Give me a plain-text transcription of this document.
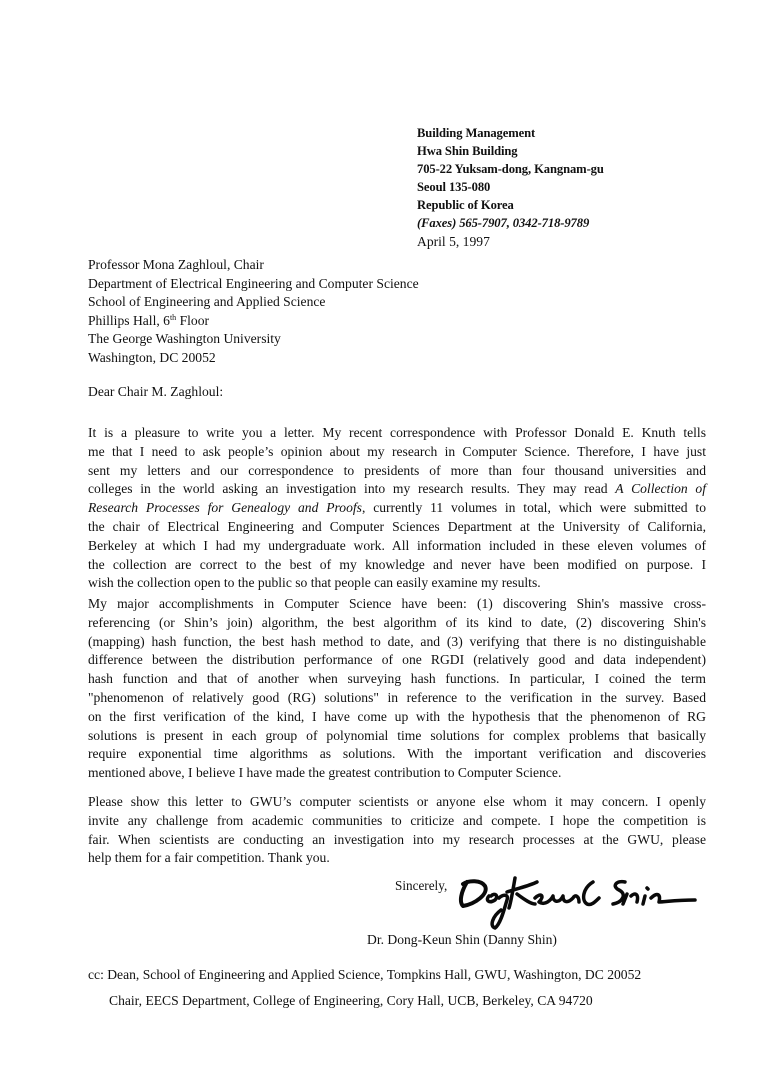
Building Management
Hwa Shin Building
705-22 Yuksam-dong, Kangnam-gu
Seoul 135-080
Republic of Korea
(Faxes) 565-7907, 0342-718-9789
April 5, 1997
Professor Mona Zaghloul, Chair
Department of Electrical Engineering and Computer Science
School of Engineering and Applied Science
Phillips Hall, 6th Floor
The George Washington University
Washington, DC 20052
Dear Chair M. Zaghloul:
It is a pleasure to write you a letter. My recent correspondence with Professor Donald E. Knuth tells
me that I need to ask people’s opinion about my research in Computer Science. Therefore, I have just
sent my letters and our correspondence to presidents of more than four thousand universities and
colleges in the world asking an investigation into my research results. They may read A Collection of
Research Processes for Genealogy and Proofs, currently 11 volumes in total, which were submitted to
the chair of Electrical Engineering and Computer Sciences Department at the University of California,
Berkeley at which I had my undergraduate work. All information included in these eleven volumes of
the collection are correct to the best of my knowledge and never have been modified on purpose. I
wish the collection open to the public so that people can easily examine my results.
My major accomplishments in Computer Science have been: (1) discovering Shin's massive cross-
referencing (or Shin’s join) algorithm, the best algorithm of its kind to date, (2) discovering Shin's
(mapping) hash function, the best hash method to date, and (3) verifying that there is no distinguishable
difference between the distribution performance of one RGDI (relatively good and data independent)
hash function and that of another when surveying hash functions. In particular, I coined the term
"phenomenon of relatively good (RG) solutions" in reference to the verification in the survey. Based
on the first verification of the kind, I have come up with the hypothesis that the phenomenon of RG
solutions is present in each group of polynomial time solutions for complex problems that basically
require exponential time algorithms as solutions. With the important verification and discoveries
mentioned above, I believe I have made the greatest contribution to Computer Science.
Please show this letter to GWU’s computer scientists or anyone else whom it may concern. I openly
invite any challenge from academic communities to criticize and compete. I hope the competition is
fair. When scientists are conducting an investigation into my research processes at the GWU, please
help them for a fair competition. Thank you.
Sincerely,
Dr. Dong-Keun Shin (Danny Shin)
cc: Dean, School of Engineering and Applied Science, Tompkins Hall, GWU, Washington, DC 20052
Chair, EECS Department, College of Engineering, Cory Hall, UCB, Berkeley, CA 94720
